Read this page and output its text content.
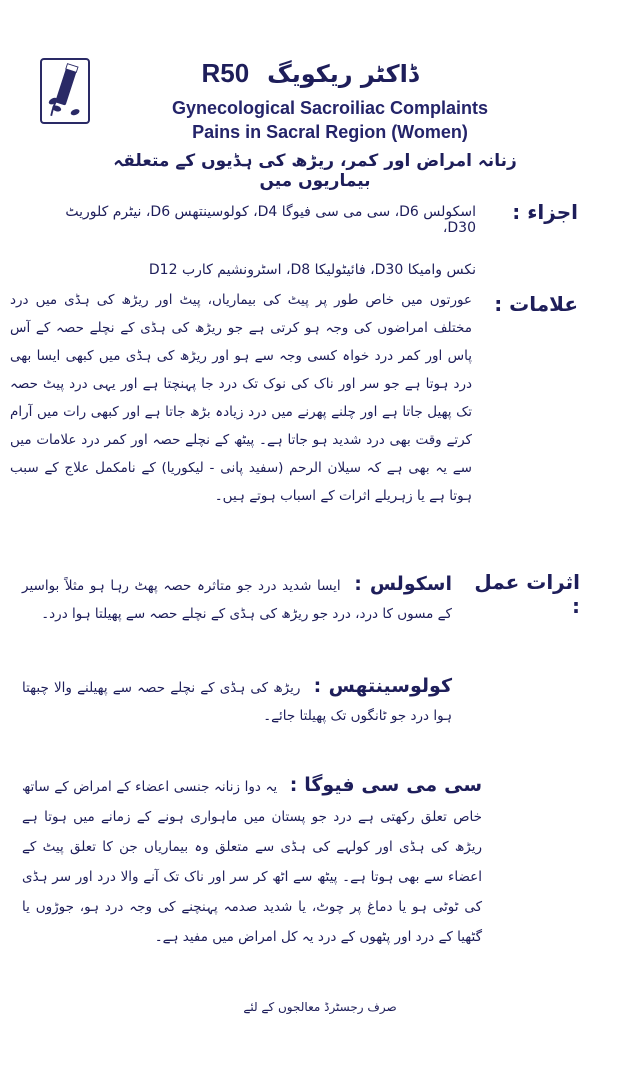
R50 ڈاکٹر ریکویگ
Gynecological Sacroiliac Complaints
Pains in Sacral Region (Women)
زنانہ امراض اور کمر، ریڑھ کی ہڈیوں کے متعلقہ بیماریوں میں
اجزاء :
اسکولس D6، سی می سی فیوگا D4، کولوسینتھس D6، نیٹرم کلوریٹ D30،
نکس وامیکا D30، فائیٹولیکا D8، اسٹرونشیم کارب D12
علامات :

عورتوں میں خاص طور پر پیٹ کی بیماریاں، پیٹ اور ریڑھ کی ہڈی میں درد مختلف امراضوں کی وجہ ہو کرتی ہے جو ریڑھ کی ہڈی کے نچلے حصہ کے آس پاس اور کمر درد خواہ کسی وجہ سے ہو اور ریڑھ کی ہڈی میں کبھی ایسا بھی درد ہوتا ہے جو سر اور ناک کی نوک تک درد جا پہنچتا ہے اور یہی درد پیٹ حصہ تک پھیل جاتا ہے اور چلنے پھرنے میں درد زیادہ بڑھ جاتا ہے اور کبھی رات میں آرام کرتے وقت بھی درد شدید ہو جاتا ہے۔ پیٹھ کے نچلے حصہ اور کمر درد علامات میں سے یہ بھی ہے کہ سیلان الرحم (سفید پانی - لیکوریا) کے نامکمل علاج کے سبب ہوتا ہے یا زہریلے اثرات کے اسباب ہوتے ہیں۔

اثرات عمل :

اسکولس : ایسا شدید درد جو متاثرہ حصہ پھٹ رہا ہو مثلاً بواسیر کے مسوں کا درد، درد جو ریڑھ کی ہڈی کے نچلے حصہ سے پھیلتا ہوا درد۔

کولوسینتھس : ریڑھ کی ہڈی کے نچلے حصہ سے پھیلنے والا چبھتا ہوا درد جو ٹانگوں تک پھیلتا جائے۔

سی می سی فیوگا : یہ دوا زنانہ جنسی اعضاء کے امراض کے ساتھ خاص تعلق رکھتی ہے درد جو پستان میں ماہواری ہونے کے زمانے میں ہوتا ہے ریڑھ کی ہڈی اور کولہے کی ہڈی سے متعلق وہ بیماریاں جن کا تعلق پیٹ کے اعضاء سے بھی ہوتا ہے۔ پیٹھ سے اٹھ کر سر اور ناک تک آنے والا درد اور سر ہڈی کی ٹوٹی ہو یا دماغ پر چوٹ، یا شدید صدمہ پہنچنے کی وجہ درد ہو، جوڑوں یا گٹھیا کے درد اور پٹھوں کے درد یہ کل امراض میں مفید ہے۔

صرف رجسٹرڈ معالجوں کے لئے
